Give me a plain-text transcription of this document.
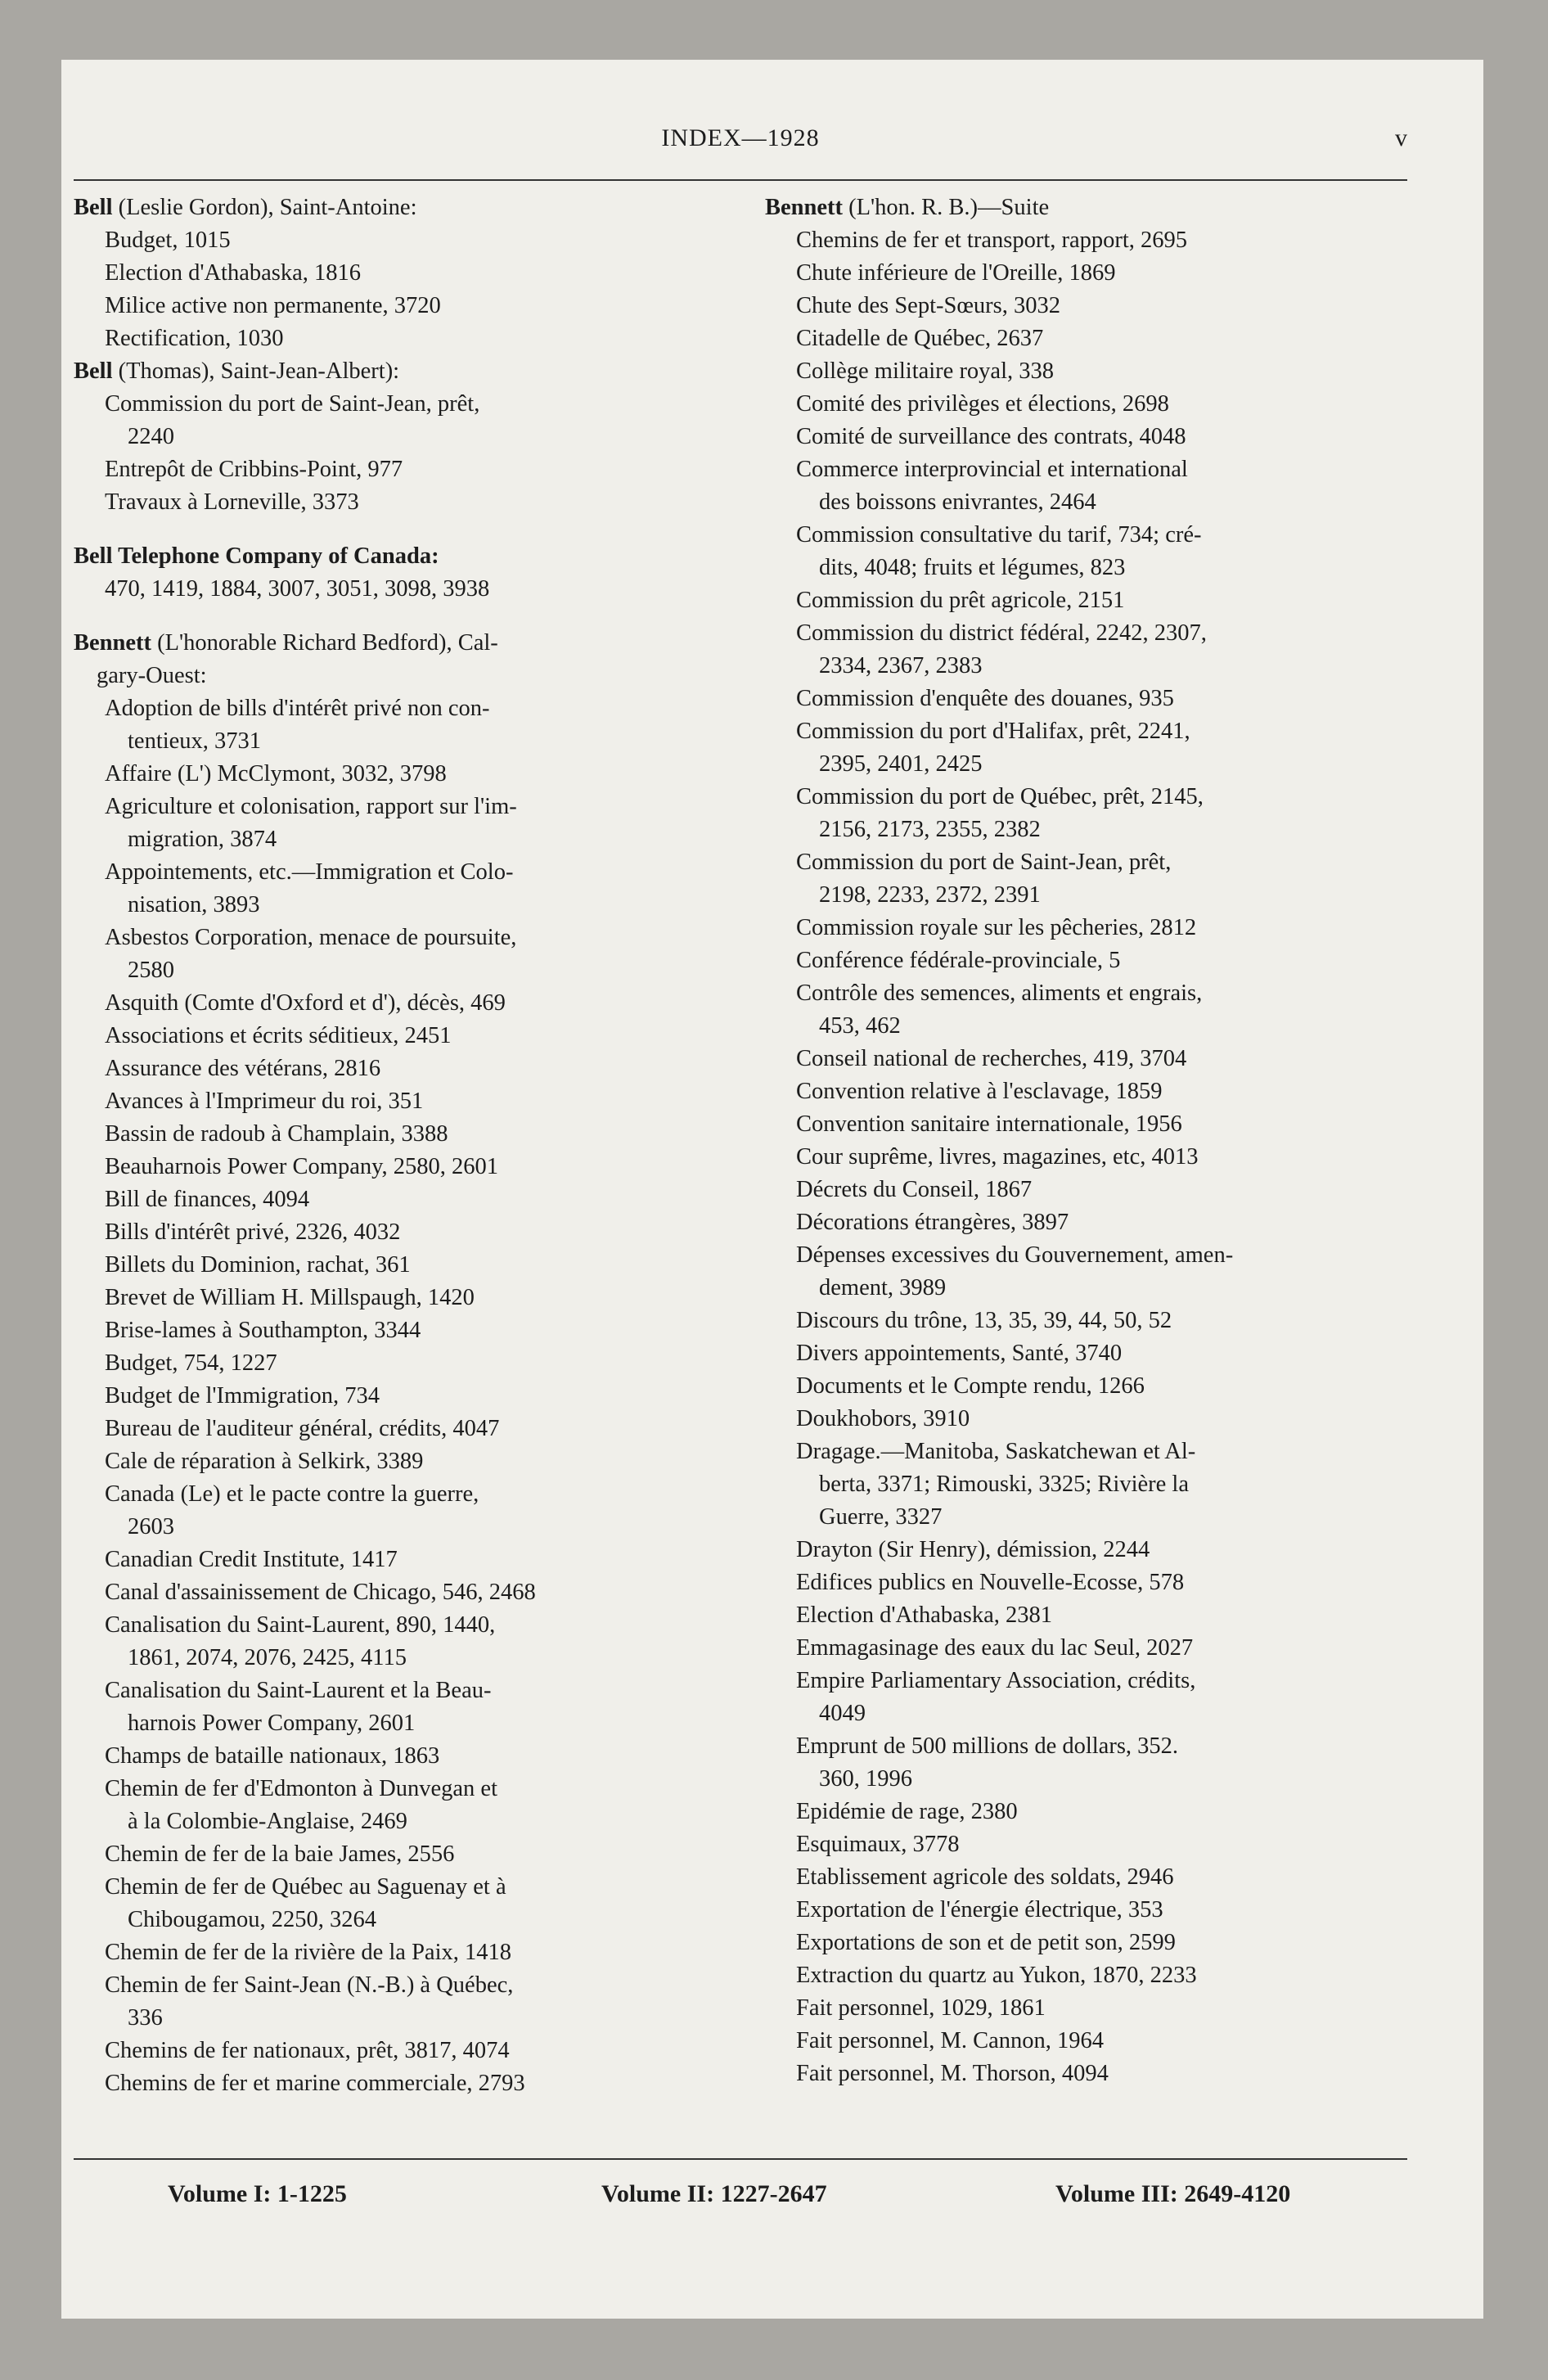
INDEX—1928	v

Bell (Leslie Gordon), Saint-Antoine:

Budget, 1015

Election d'Athabaska, 1816

Milice active non permanente, 3720

Rectification, 1030

Bell (Thomas), Saint-Jean-Albert):

Commission du port de Saint-Jean, prêt,
2240

Entrepôt de Cribbins-Point, 977

Travaux à Lorneville, 3373

Bell Telephone Company of Canada:

470, 1419, 1884, 3007, 3051, 3098, 3938

Bennett (L'honorable Richard Bedford), Cal-
gary-Ouest:

Adoption de bills d'intérêt privé non con-
tentieux, 3731

Affaire (L') McClymont, 3032, 3798

Agriculture et colonisation, rapport sur l'im-
migration, 3874

Appointements, etc.—Immigration et Colo-
nisation, 3893

Asbestos Corporation, menace de poursuite,
2580

Asquith (Comte d'Oxford et d'), décès, 469

Associations et écrits séditieux, 2451

Assurance des vétérans, 2816

Avances à l'Imprimeur du roi, 351

Bassin de radoub à Champlain, 3388

Beauharnois Power Company, 2580, 2601

Bill de finances, 4094

Bills d'intérêt privé, 2326, 4032

Billets du Dominion, rachat, 361

Brevet de William H. Millspaugh, 1420

Brise-lames à Southampton, 3344

Budget, 754, 1227

Budget de l'Immigration, 734

Bureau de l'auditeur général, crédits, 4047

Cale de réparation à Selkirk, 3389

Canada (Le) et le pacte contre la guerre,
2603

Canadian Credit Institute, 1417

Canal d'assainissement de Chicago, 546, 2468

Canalisation du Saint-Laurent, 890, 1440,
1861, 2074, 2076, 2425, 4115

Canalisation du Saint-Laurent et la Beau-
harnois Power Company, 2601

Champs de bataille nationaux, 1863

Chemin de fer d'Edmonton à Dunvegan et
à la Colombie-Anglaise, 2469

Chemin de fer de la baie James, 2556

Chemin de fer de Québec au Saguenay et à
Chibougamou, 2250, 3264

Chemin de fer de la rivière de la Paix, 1418

Chemin de fer Saint-Jean (N.-B.) à Québec,
336

Chemins de fer nationaux, prêt, 3817, 4074

Chemins de fer et marine commerciale, 2793

Bennett (L'hon. R. B.)—Suite

Chemins de fer et transport, rapport, 2695

Chute inférieure de l'Oreille, 1869

Chute des Sept-Sœurs, 3032

Citadelle de Québec, 2637

Collège militaire royal, 338

Comité des privilèges et élections, 2698

Comité de surveillance des contrats, 4048

Commerce interprovincial et international
des boissons enivrantes, 2464

Commission consultative du tarif, 734; cré-
dits, 4048; fruits et légumes, 823

Commission du prêt agricole, 2151

Commission du district fédéral, 2242, 2307,
2334, 2367, 2383

Commission d'enquête des douanes, 935

Commission du port d'Halifax, prêt, 2241,
2395, 2401, 2425

Commission du port de Québec, prêt, 2145,
2156, 2173, 2355, 2382

Commission du port de Saint-Jean, prêt,
2198, 2233, 2372, 2391

Commission royale sur les pêcheries, 2812

Conférence fédérale-provinciale, 5

Contrôle des semences, aliments et engrais,
453, 462

Conseil national de recherches, 419, 3704

Convention relative à l'esclavage, 1859

Convention sanitaire internationale, 1956

Cour suprême, livres, magazines, etc, 4013

Décrets du Conseil, 1867

Décorations étrangères, 3897

Dépenses excessives du Gouvernement, amen-
dement, 3989

Discours du trône, 13, 35, 39, 44, 50, 52

Divers appointements, Santé, 3740

Documents et le Compte rendu, 1266

Doukhobors, 3910

Dragage.—Manitoba, Saskatchewan et Al-
berta, 3371; Rimouski, 3325; Rivière la
Guerre, 3327

Drayton (Sir Henry), démission, 2244

Edifices publics en Nouvelle-Ecosse, 578

Election d'Athabaska, 2381

Emmagasinage des eaux du lac Seul, 2027

Empire Parliamentary Association, crédits,
4049

Emprunt de 500 millions de dollars, 352.
360, 1996

Epidémie de rage, 2380

Esquimaux, 3778

Etablissement agricole des soldats, 2946

Exportation de l'énergie électrique, 353

Exportations de son et de petit son, 2599

Extraction du quartz au Yukon, 1870, 2233

Fait personnel, 1029, 1861

Fait personnel, M. Cannon, 1964

Fait personnel, M. Thorson, 4094

Volume I: 1-1225	Volume II: 1227-2647	Volume III: 2649-4120
